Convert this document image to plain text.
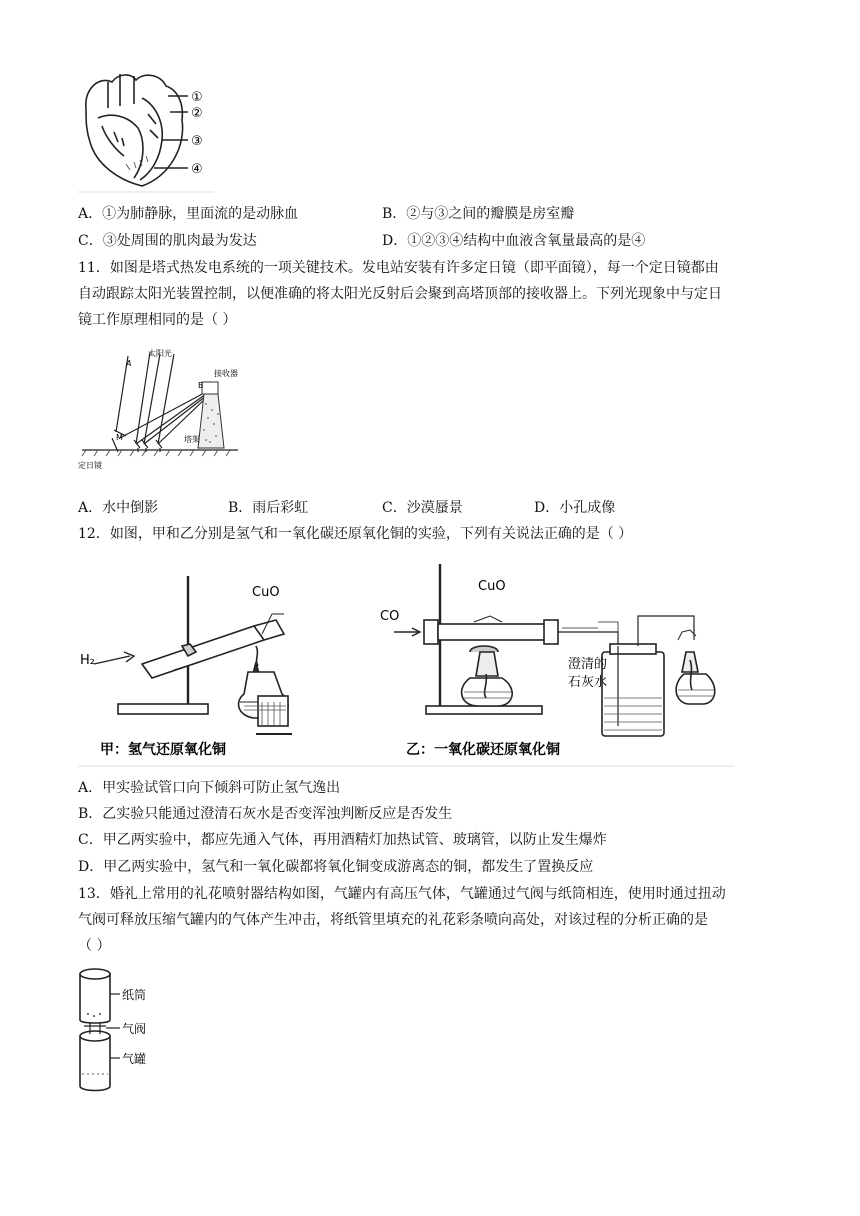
①
②
③
④
A．①为肺静脉，里面流的是动脉血	B．②与③之间的瓣膜是房室瓣
C．③处周围的肌肉最为发达	D．①②③④结构中血液含氧量最高的是④
11．如图是塔式热发电系统的一项关键技术。发电站安装有许多定日镜（即平面镜），每一个定日镜都由
自动跟踪太阳光装置控制，以便准确的将太阳光反射后会聚到高塔顶部的接收器上。下列光现象中与定日
镜工作原理相同的是（ ）
A
太阳光
B
接收器
M
定日镜
塔架
A．水中倒影	B．雨后彩虹	C．沙漠蜃景	D．小孔成像
12．如图，甲和乙分别是氢气和一氧化碳还原氧化铜的实验，下列有关说法正确的是（ ）
H₂
CuO
甲：氢气还原氧化铜
CO
CuO
澄清的
石灰水
乙：一氧化碳还原氧化铜
A．甲实验试管口向下倾斜可防止氢气逸出
B．乙实验只能通过澄清石灰水是否变浑浊判断反应是否发生
C．甲乙两实验中，都应先通入气体，再用酒精灯加热试管、玻璃管，以防止发生爆炸
D．甲乙两实验中，氢气和一氧化碳都将氧化铜变成游离态的铜，都发生了置换反应
13．婚礼上常用的礼花喷射器结构如图，气罐内有高压气体，气罐通过气阀与纸筒相连，使用时通过扭动
气阀可释放压缩气罐内的气体产生冲击，将纸管里填充的礼花彩条喷向高处，对该过程的分析正确的是
（ ）
纸筒
气阀
气罐
